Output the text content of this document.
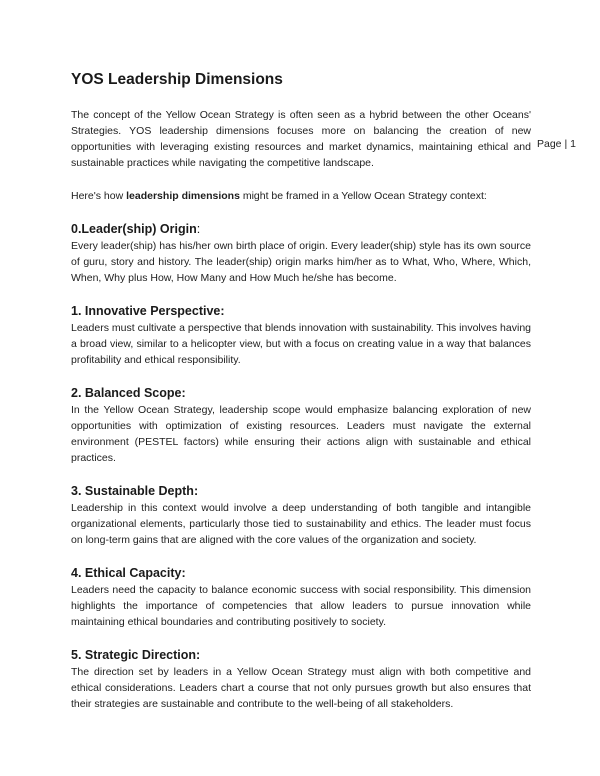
Page | 1
YOS Leadership Dimensions

The concept of the Yellow Ocean Strategy is often seen as a hybrid between the other Oceans' Strategies. YOS leadership dimensions focuses more on balancing the creation of new opportunities with leveraging existing resources and market dynamics, maintaining ethical and sustainable practices while navigating the competitive landscape.

Here's how leadership dimensions might be framed in a Yellow Ocean Strategy context:

0.Leader(ship) Origin:

Every leader(ship) has his/her own birth place of origin. Every leader(ship) style has its own source of guru, story and history. The leader(ship) origin marks him/her as to What, Who, Where, Which, When, Why plus How, How Many and How Much he/she has become.

1. Innovative Perspective:

Leaders must cultivate a perspective that blends innovation with sustainability. This involves having a broad view, similar to a helicopter view, but with a focus on creating value in a way that balances profitability and ethical responsibility.

2. Balanced Scope:

In the Yellow Ocean Strategy, leadership scope would emphasize balancing exploration of new opportunities with optimization of existing resources. Leaders must navigate the external environment (PESTEL factors) while ensuring their actions align with sustainable and ethical practices.

3. Sustainable Depth:

Leadership in this context would involve a deep understanding of both tangible and intangible organizational elements, particularly those tied to sustainability and ethics. The leader must focus on long-term gains that are aligned with the core values of the organization and society.

4. Ethical Capacity:

Leaders need the capacity to balance economic success with social responsibility. This dimension highlights the importance of competencies that allow leaders to pursue innovation while maintaining ethical boundaries and contributing positively to society.

5. Strategic Direction:

The direction set by leaders in a Yellow Ocean Strategy must align with both competitive and ethical considerations. Leaders chart a course that not only pursues growth but also ensures that their strategies are sustainable and contribute to the well-being of all stakeholders.
